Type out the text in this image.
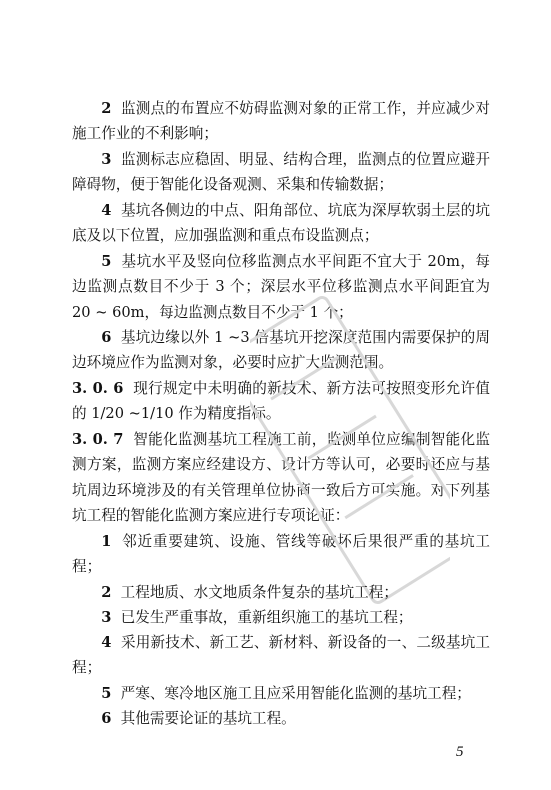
2 监测点的布置应不妨碍监测对象的正常工作，并应减少对施工作业的不利影响；

3 监测标志应稳固、明显、结构合理，监测点的位置应避开障碍物，便于智能化设备观测、采集和传输数据；

4 基坑各侧边的中点、阳角部位、坑底为深厚软弱土层的坑底及以下位置，应加强监测和重点布设监测点；

5 基坑水平及竖向位移监测点水平间距不宜大于 20m，每边监测点数目不少于 3 个；深层水平位移监测点水平间距宜为 20 ~ 60m，每边监测点数目不少于 1 个；

6 基坑边缘以外 1 ~3 倍基坑开挖深度范围内需要保护的周边环境应作为监测对象，必要时应扩大监测范围。

3. 0. 6 现行规定中未明确的新技术、新方法可按照变形允许值的 1/20 ~1/10 作为精度指标。

3. 0. 7 智能化监测基坑工程施工前，监测单位应编制智能化监测方案，监测方案应经建设方、设计方等认可，必要时还应与基坑周边环境涉及的有关管理单位协商一致后方可实施。对下列基坑工程的智能化监测方案应进行专项论证：

1 邻近重要建筑、设施、管线等破坏后果很严重的基坑工程；

5

2 工程地质、水文地质条件复杂的基坑工程；

3 已发生严重事故，重新组织施工的基坑工程；

4 采用新技术、新工艺、新材料、新设备的一、二级基坑工程；

5 严寒、寒冷地区施工且应采用智能化监测的基坑工程；

6 其他需要论证的基坑工程。
